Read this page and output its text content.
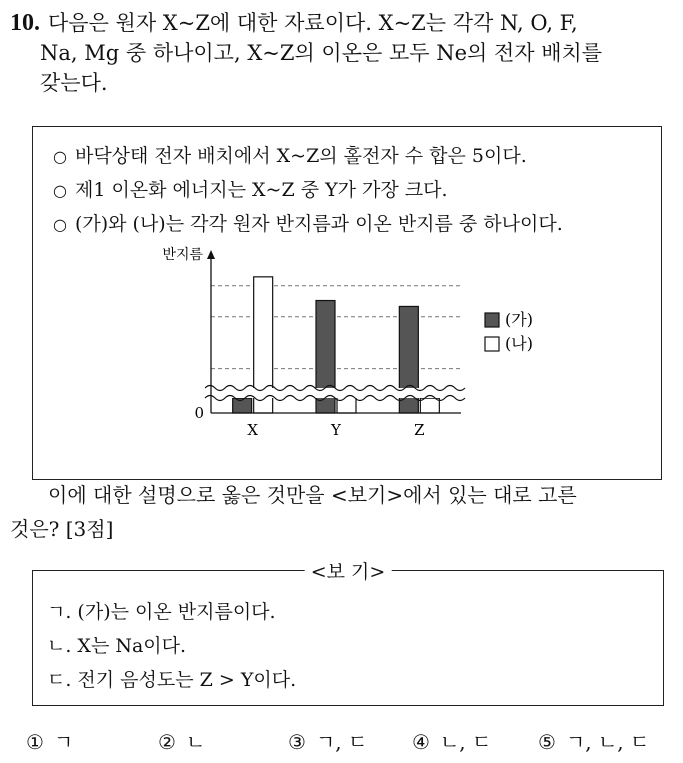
10. 다음은 원자 X~Z에 대한 자료이다. X~Z는 각각 N, O, F,
Na, Mg 중 하나이고, X~Z의 이온은 모두 Ne의 전자 배치를
갖는다.
○ 바닥상태 전자 배치에서 X~Z의 홀전자 수 합은 5이다.
○ 제1 이온화 에너지는 X~Z 중 Y가 가장 크다.
○ (가)와 (나)는 각각 원자 반지름과 이온 반지름 중 하나이다.
X	Y	Z
반지름
0
(가)
(나)
이에 대한 설명으로 옳은 것만을 <보기>에서 있는 대로 고른
것은? [3점]
<보 기>
ㄱ. (가)는 이온 반지름이다.
ㄴ. X는 Na이다.
ㄷ. 전기 음성도는 Z > Y이다.
① ㄱ	② ㄴ	③ ㄱ, ㄷ ④ ㄴ, ㄷ ⑤ ㄱ, ㄴ, ㄷ
